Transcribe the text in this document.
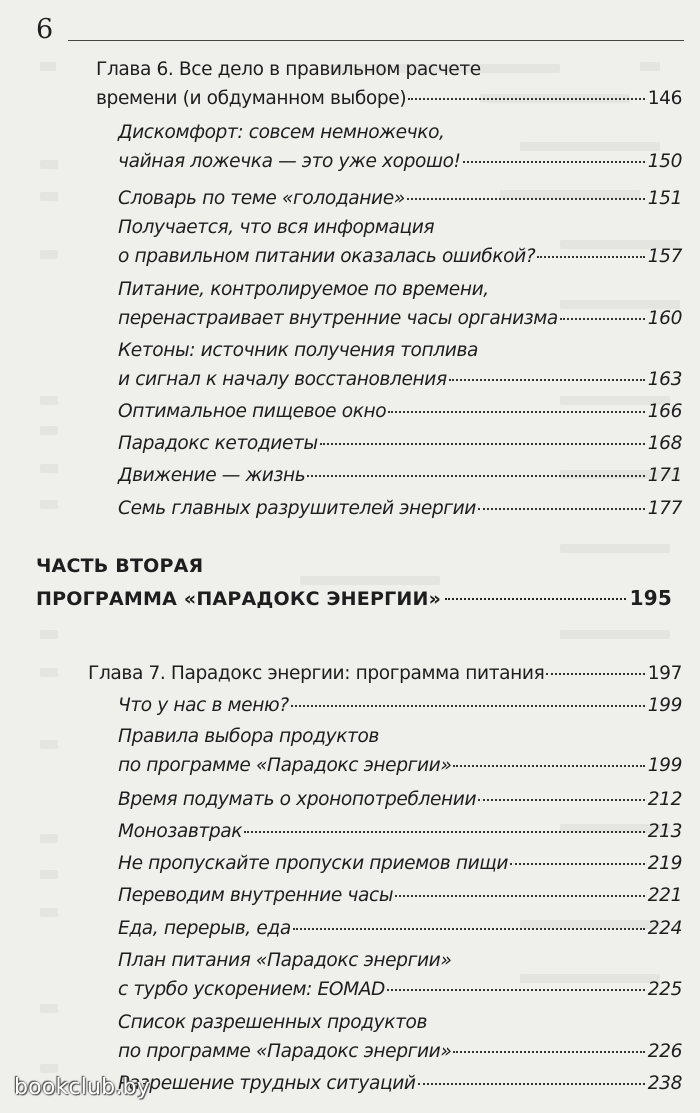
6
Глава 6. Все дело в правильном расчете
времени (и обдуманном выборе)	146
Дискомфорт: совсем немножечко,
чайная ложечка — это уже хорошо!	150
Словарь по теме «голодание»	151
Получается, что вся информация
о правильном питании оказалась ошибкой?	157
Питание, контролируемое по времени,
перенастраивает внутренние часы организма	160
Кетоны: источник получения топлива
и сигнал к началу восстановления	163
Оптимальное пищевое окно	166
Парадокс кетодиеты	168
Движение — жизнь	171
Семь главных разрушителей энергии	177
ЧАСТЬ ВТОРАЯ
ПРОГРАММА «ПАРАДОКС ЭНЕРГИИ»	195
Глава 7. Парадокс энергии: программа питания	197
Что у нас в меню?	199
Правила выбора продуктов
по программе «Парадокс энергии»	199
Время подумать о хронопотреблении	212
Монозавтрак	213
Не пропускайте пропуски приемов пищи	219
Переводим внутренние часы	221
Еда, перерыв, еда	224
План питания «Парадокс энергии»
с турбо ускорением: EOMAD	225
Список разрешенных продуктов
по программе «Парадокс энергии»	226
Разрешение трудных ситуаций	238
bookclub.by
